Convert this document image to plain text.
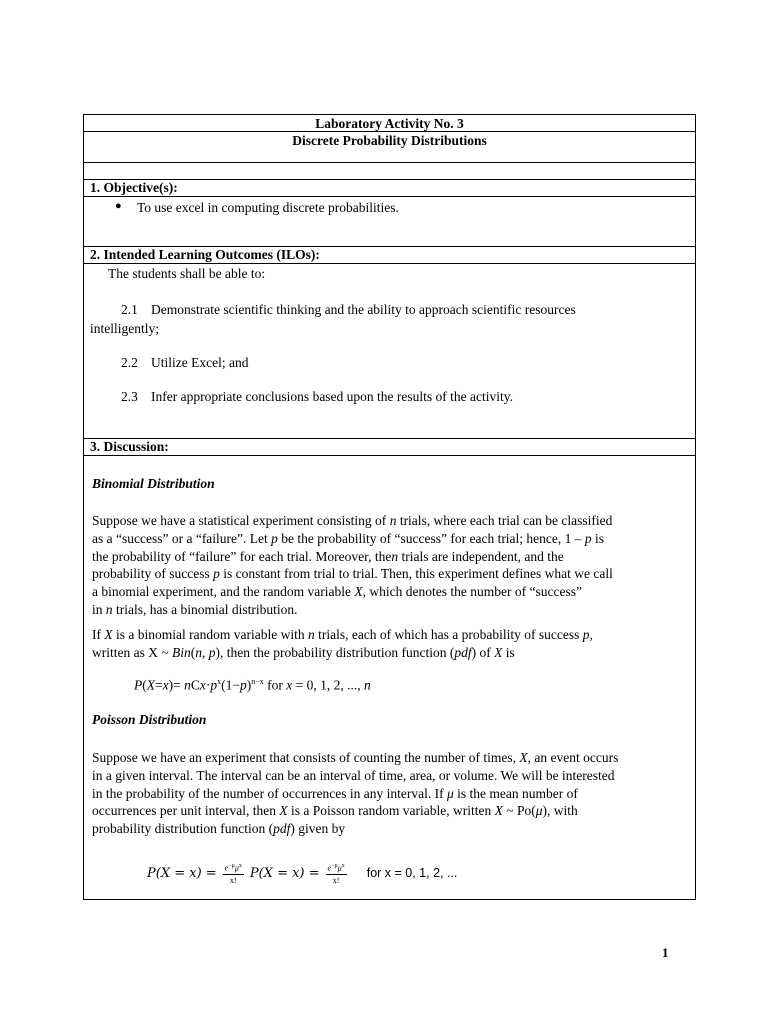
Laboratory Activity No. 3
Discrete Probability Distributions
1. Objective(s):
● To use excel in computing discrete probabilities.
2. Intended Learning Outcomes (ILOs):
The students shall be able to:
2.1 Demonstrate scientific thinking and the ability to approach scientific resources
intelligently;
2.2 Utilize Excel; and
2.3 Infer appropriate conclusions based upon the results of the activity.
3. Discussion:
Binomial Distribution
Suppose we have a statistical experiment consisting of n trials, where each trial can be classified
as a “success” or a “failure”. Let p be the probability of “success” for each trial; hence, 1 – p is
the probability of “failure” for each trial. Moreover, then trials are independent, and the
probability of success p is constant from trial to trial. Then, this experiment defines what we call
a binomial experiment, and the random variable X, which denotes the number of “success”
in n trials, has a binomial distribution.
If X is a binomial random variable with n trials, each of which has a probability of success p,
written as X ~ Bin(n, p), then the probability distribution function (pdf) of X is
$P(X=x)= nCx\cdot p^x(1-p)^{n-x}$ for x = 0, 1, 2, ..., n
Poisson Distribution
Suppose we have an experiment that consists of counting the number of times, X, an event occurs
in a given interval. The interval can be an interval of time, area, or volume. We will be interested
in the probability of the number of occurrences in any interval. If μ is the mean number of
occurrences per unit interval, then X is a Poisson random variable, written X ~ Po(μ), with
probability distribution function (pdf) given by
$P(X = x) = \frac{e^{-\mu}\mu^x}{x!} P(X = x) = \frac{e^{-\mu}\mu^x}{x!}$ for x = 0, 1, 2, ...
1
